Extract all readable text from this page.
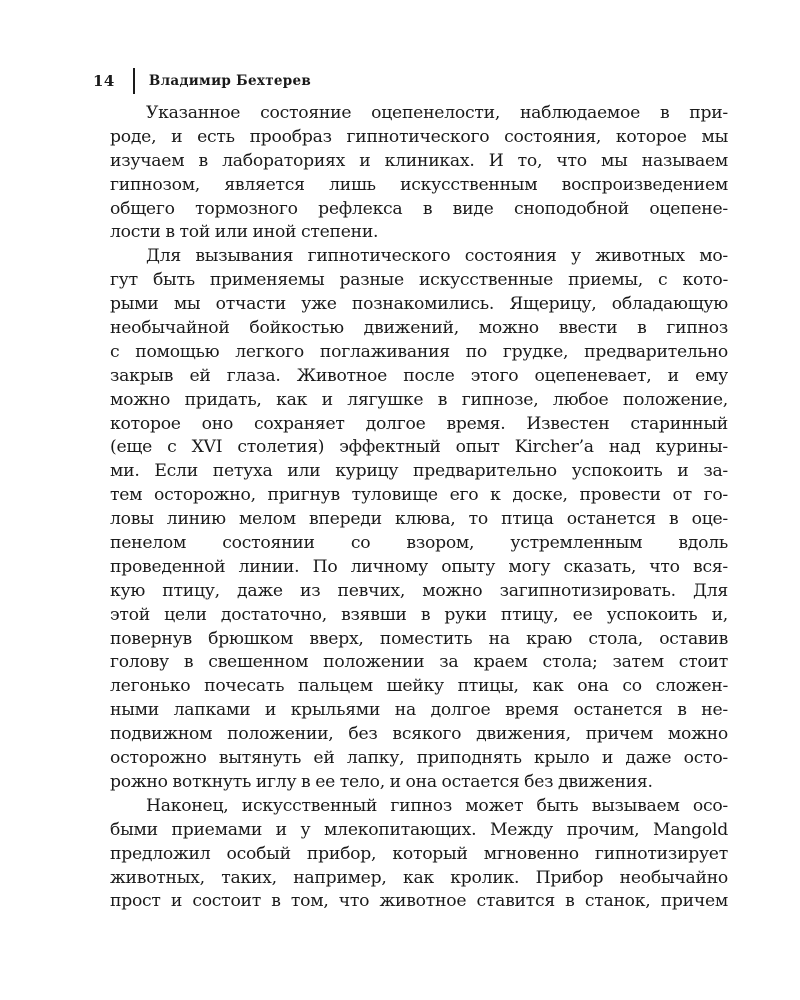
14	Владимир Бехтерев
Указанное состояние оцепенелости, наблюдаемое в при-
роде, и есть прообраз гипнотического состояния, которое мы
изучаем в лабораториях и клиниках. И то, что мы называем
гипнозом, является лишь искусственным воспроизведением
общего тормозного рефлекса в виде сноподобной оцепене-
лости в той или иной степени.
Для вызывания гипнотического состояния у животных мо-
гут быть применяемы разные искусственные приемы, с кото-
рыми мы отчасти уже познакомились. Ящерицу, обладающую
необычайной бойкостью движений, можно ввести в гипноз
с помощью легкого поглаживания по грудке, предварительно
закрыв ей глаза. Животное после этого оцепеневает, и ему
можно придать, как и лягушке в гипнозе, любое положение,
которое оно сохраняет долгое время. Известен старинный
(еще с XVI столетия) эффектный опыт Kircher’а над курины-
ми. Если петуха или курицу предварительно успокоить и за-
тем осторожно, пригнув туловище его к доске, провести от го-
ловы линию мелом впереди клюва, то птица останется в оце-
пенелом состоянии со взором, устремленным вдоль
проведенной линии. По личному опыту могу сказать, что вся-
кую птицу, даже из певчих, можно загипнотизировать. Для
этой цели достаточно, взявши в руки птицу, ее успокоить и,
повернув брюшком вверх, поместить на краю стола, оставив
голову в свешенном положении за краем стола; затем стоит
легонько почесать пальцем шейку птицы, как она со сложен-
ными лапками и крыльями на долгое время останется в не-
подвижном положении, без всякого движения, причем можно
осторожно вытянуть ей лапку, приподнять крыло и даже осто-
рожно воткнуть иглу в ее тело, и она остается без движения.
Наконец, искусственный гипноз может быть вызываем осо-
быми приемами и у млекопитающих. Между прочим, Mangold
предложил особый прибор, который мгновенно гипнотизирует
животных, таких, например, как кролик. Прибор необычайно
прост и состоит в том, что животное ставится в станок, причем
